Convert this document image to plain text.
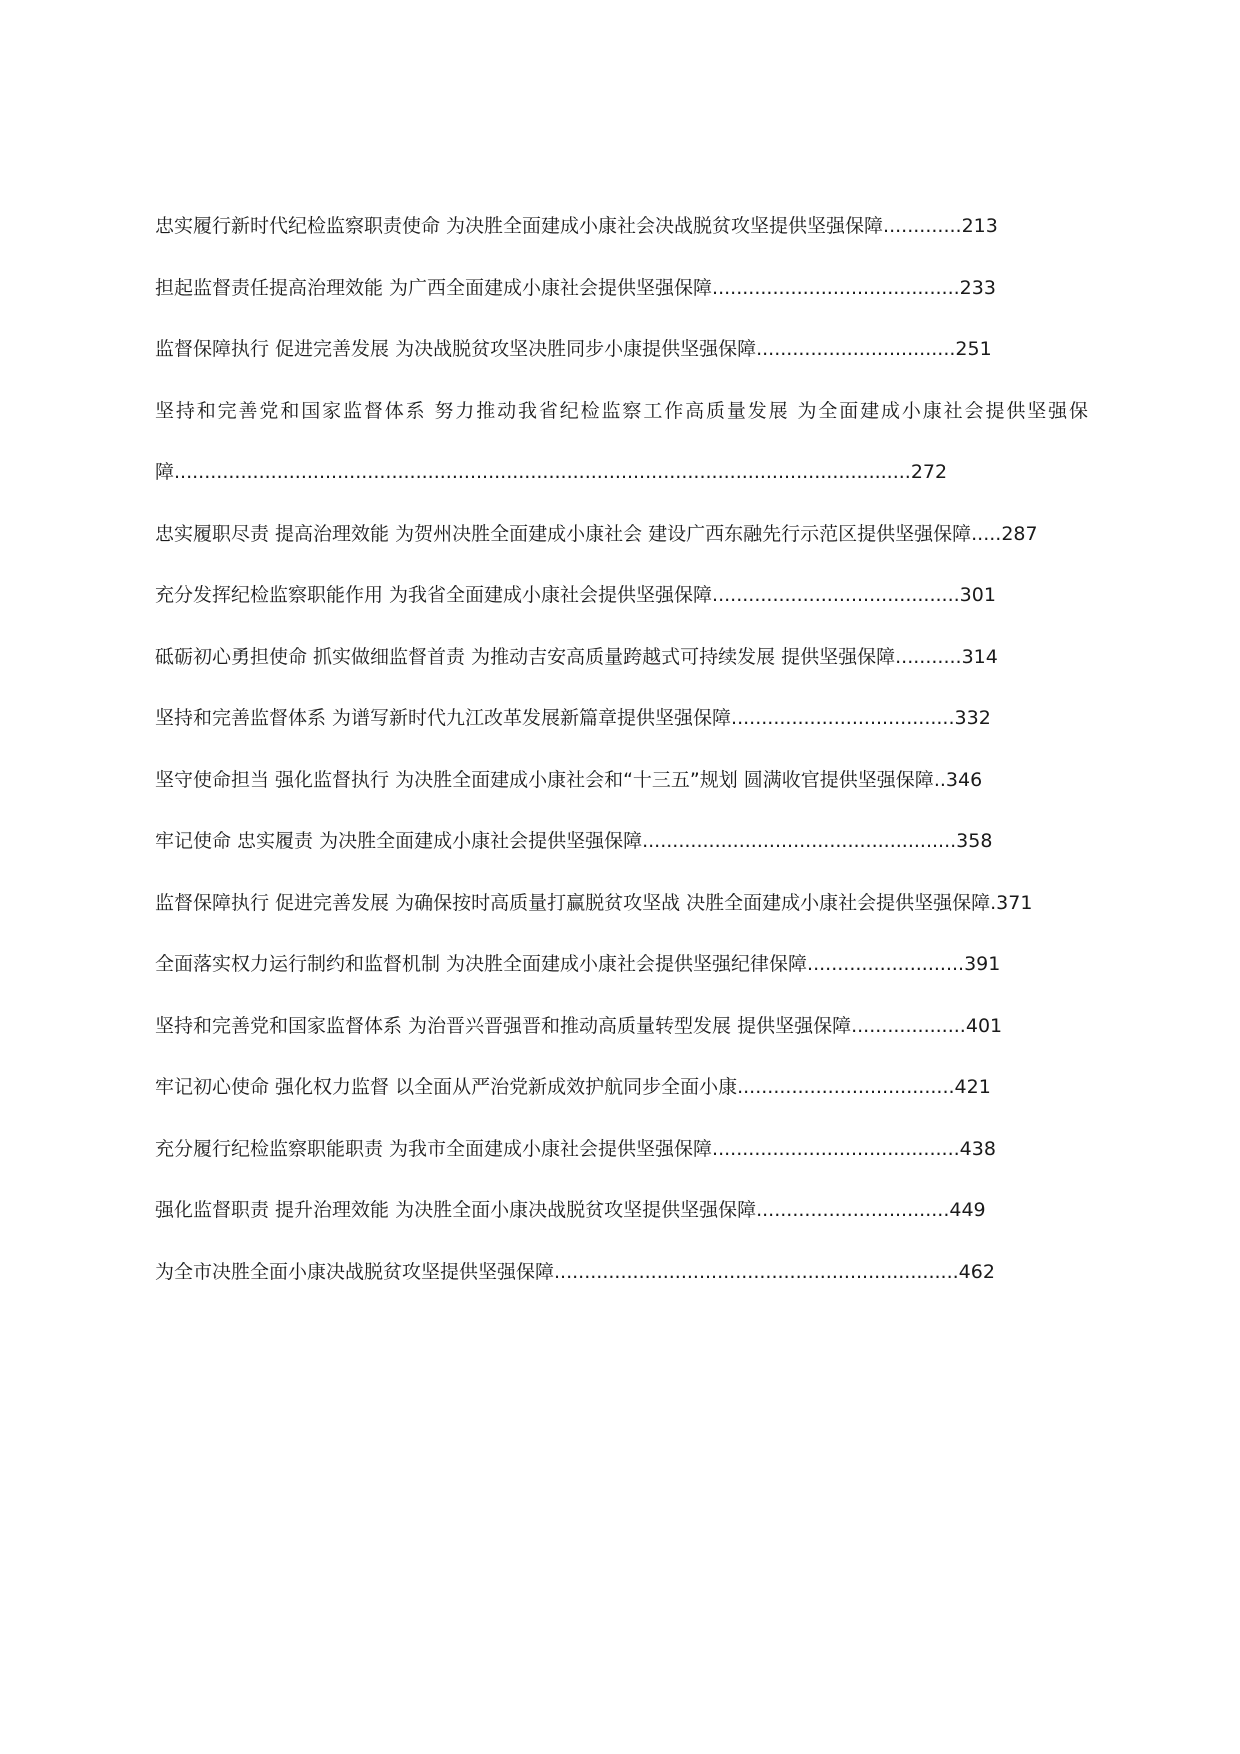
忠实履行新时代纪检监察职责使命 为决胜全面建成小康社会决战脱贫攻坚提供坚强保障.............213
担起监督责任提高治理效能 为广西全面建成小康社会提供坚强保障.........................................233
监督保障执行 促进完善发展 为决战脱贫攻坚决胜同步小康提供坚强保障.................................251
坚持和完善党和国家监督体系 努力推动我省纪检监察工作高质量发展 为全面建成小康社会提供坚强保障..........................................................................................................................272
忠实履职尽责 提高治理效能 为贺州决胜全面建成小康社会 建设广西东融先行示范区提供坚强保障.....287
充分发挥纪检监察职能作用 为我省全面建成小康社会提供坚强保障.........................................301
砥砺初心勇担使命 抓实做细监督首责 为推动吉安高质量跨越式可持续发展 提供坚强保障...........314
坚持和完善监督体系 为谱写新时代九江改革发展新篇章提供坚强保障.....................................332
坚守使命担当 强化监督执行 为决胜全面建成小康社会和“十三五”规划 圆满收官提供坚强保障..346
牢记使命 忠实履责 为决胜全面建成小康社会提供坚强保障....................................................358
监督保障执行 促进完善发展 为确保按时高质量打赢脱贫攻坚战 决胜全面建成小康社会提供坚强保障.371
全面落实权力运行制约和监督机制 为决胜全面建成小康社会提供坚强纪律保障..........................391
坚持和完善党和国家监督体系 为治晋兴晋强晋和推动高质量转型发展 提供坚强保障...................401
牢记初心使命 强化权力监督 以全面从严治党新成效护航同步全面小康....................................421
充分履行纪检监察职能职责 为我市全面建成小康社会提供坚强保障.........................................438
强化监督职责 提升治理效能 为决胜全面小康决战脱贫攻坚提供坚强保障................................449
为全市决胜全面小康决战脱贫攻坚提供坚强保障...................................................................462
